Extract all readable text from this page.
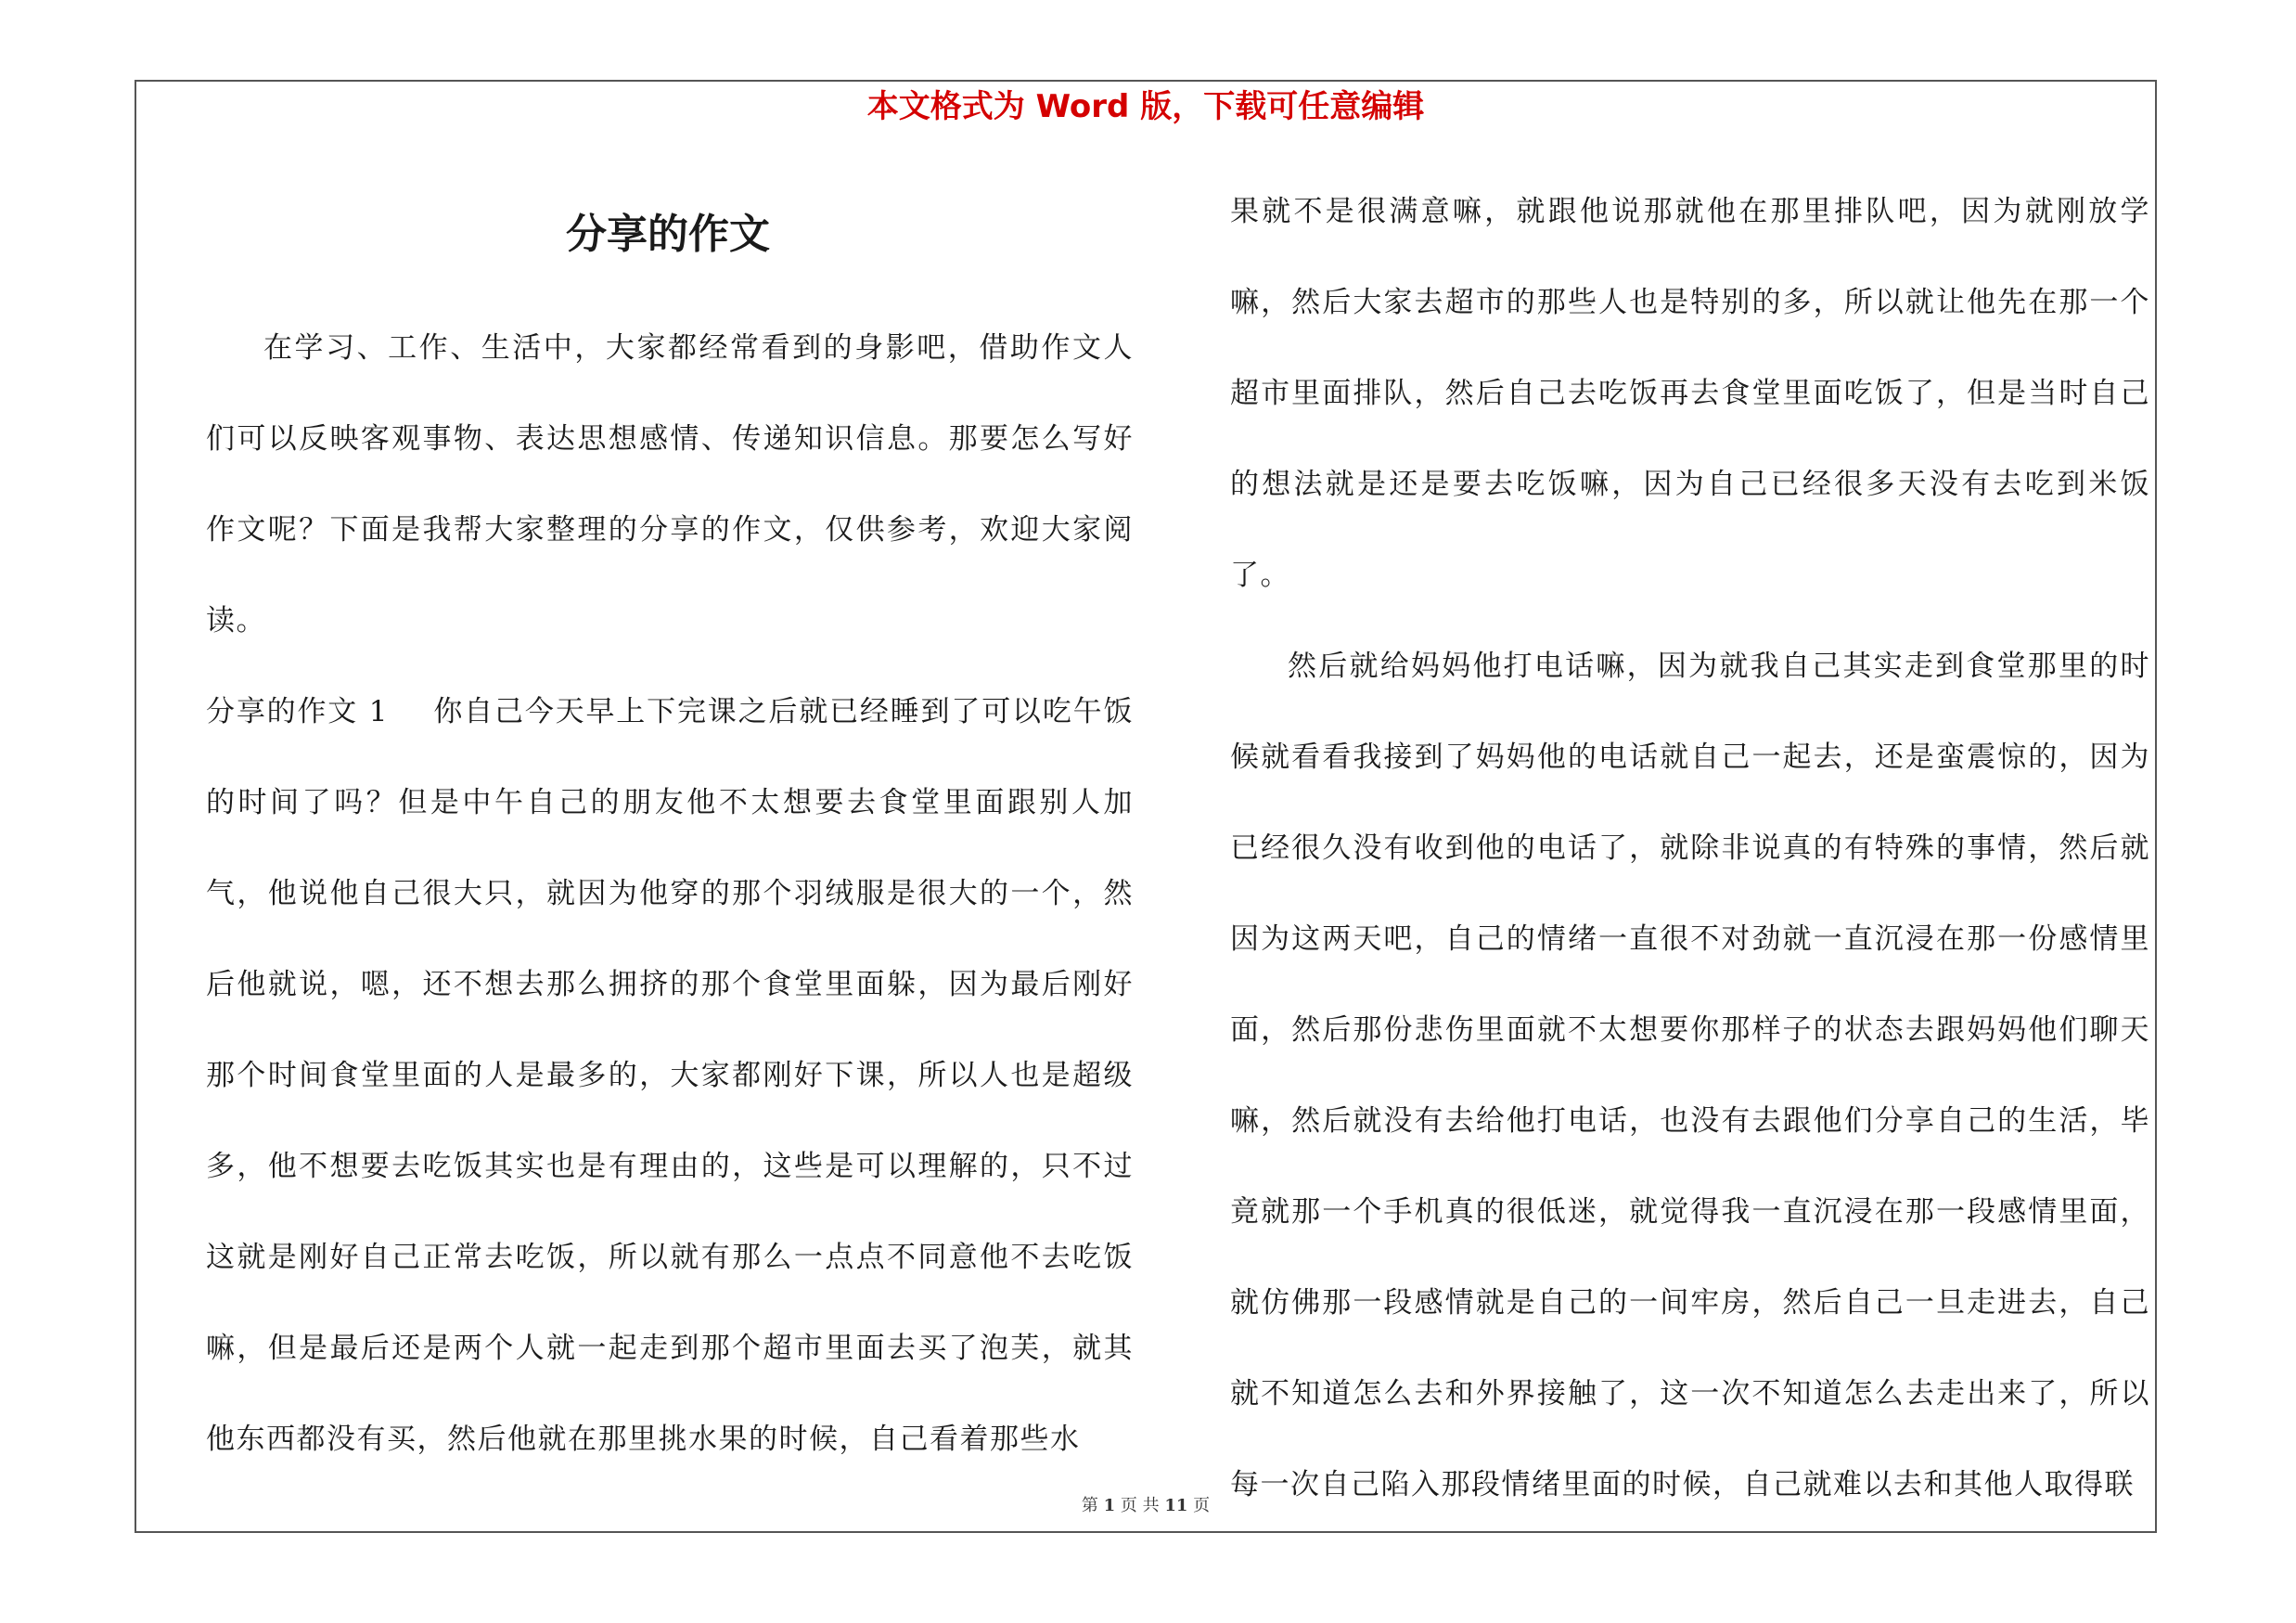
本文格式为 Word 版，下载可任意编辑
分享的作文

在学习、工作、生活中，大家都经常看到的身影吧，借助作文人们可以反映客观事物、表达思想感情、传递知识信息。那要怎么写好作文呢？下面是我帮大家整理的分享的作文，仅供参考，欢迎大家阅读。

分享的作文 1 你自己今天早上下完课之后就已经睡到了可以吃午饭的时间了吗？但是中午自己的朋友他不太想要去食堂里面跟别人加气，他说他自己很大只，就因为他穿的那个羽绒服是很大的一个，然后他就说，嗯，还不想去那么拥挤的那个食堂里面躲，因为最后刚好那个时间食堂里面的人是最多的，大家都刚好下课，所以人也是超级多，他不想要去吃饭其实也是有理由的，这些是可以理解的，只不过这就是刚好自己正常去吃饭，所以就有那么一点点不同意他不去吃饭嘛，但是最后还是两个人就一起走到那个超市里面去买了泡芙，就其他东西都没有买，然后他就在那里挑水果的时候，自己看着那些水

果就不是很满意嘛，就跟他说那就他在那里排队吧，因为就刚放学嘛，然后大家去超市的那些人也是特别的多，所以就让他先在那一个超市里面排队，然后自己去吃饭再去食堂里面吃饭了，但是当时自己的想法就是还是要去吃饭嘛，因为自己已经很多天没有去吃到米饭了。

然后就给妈妈他打电话嘛，因为就我自己其实走到食堂那里的时候就看看我接到了妈妈他的电话就自己一起去，还是蛮震惊的，因为已经很久没有收到他的电话了，就除非说真的有特殊的事情，然后就因为这两天吧，自己的情绪一直很不对劲就一直沉浸在那一份感情里面，然后那份悲伤里面就不太想要你那样子的状态去跟妈妈他们聊天嘛，然后就没有去给他打电话，也没有去跟他们分享自己的生活，毕竟就那一个手机真的很低迷，就觉得我一直沉浸在那一段感情里面，就仿佛那一段感情就是自己的一间牢房，然后自己一旦走进去，自己就不知道怎么去和外界接触了，这一次不知道怎么去走出来了，所以每一次自己陷入那段情绪里面的时候，自己就难以去和其他人取得联

第 1 页 共 11 页
